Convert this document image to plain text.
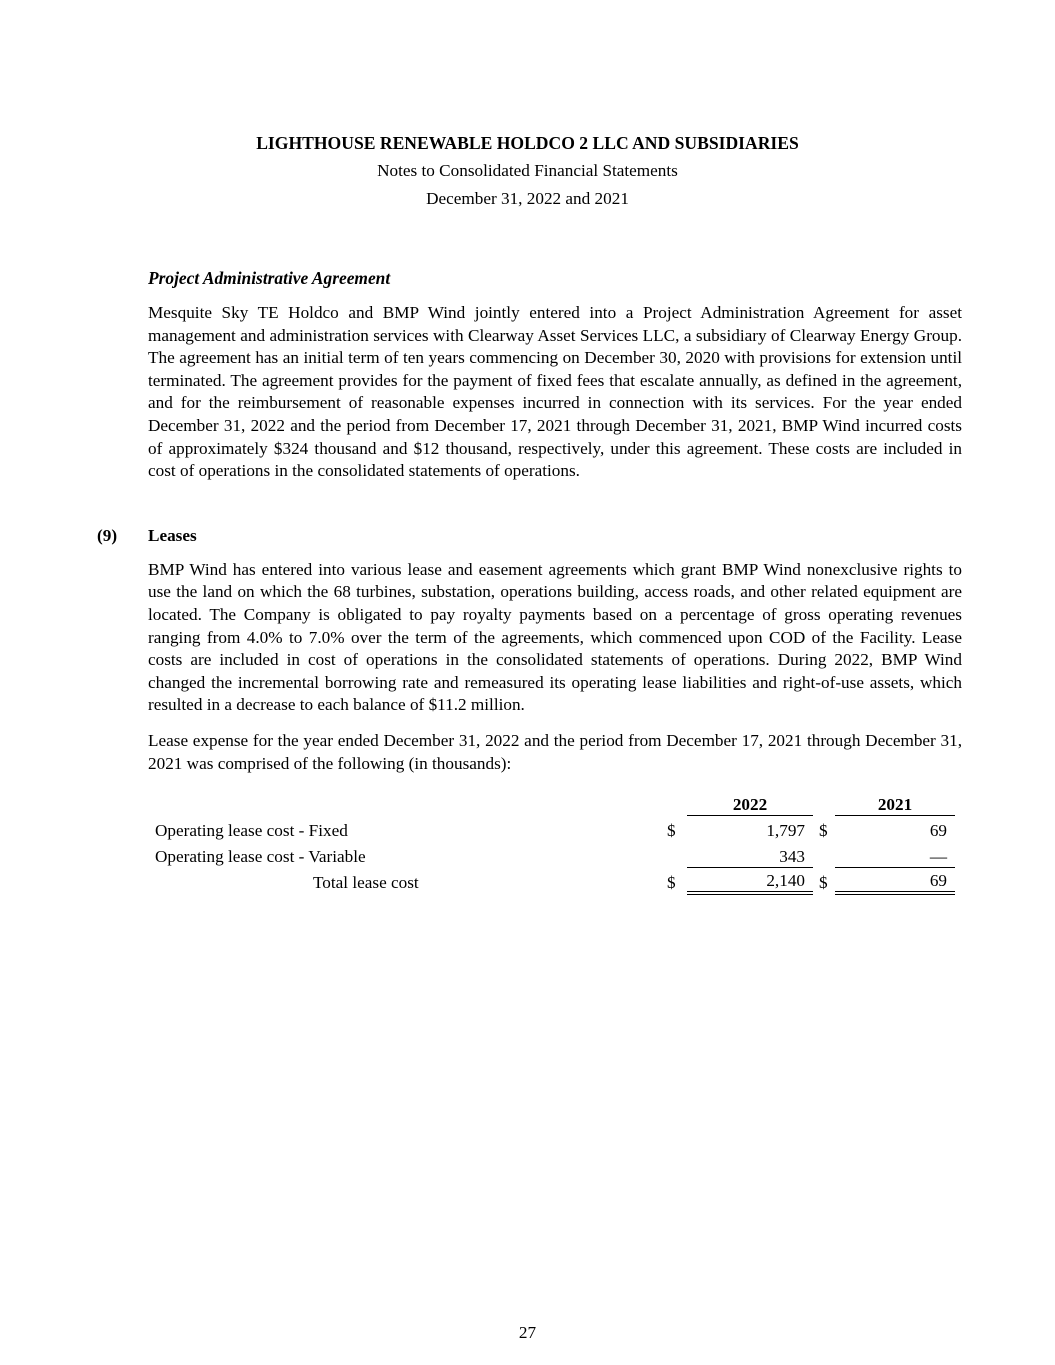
LIGHTHOUSE RENEWABLE HOLDCO 2 LLC AND SUBSIDIARIES
Notes to Consolidated Financial Statements
December 31, 2022 and 2021
Project Administrative Agreement

Mesquite Sky TE Holdco and BMP Wind jointly entered into a Project Administration Agreement for asset management and administration services with Clearway Asset Services LLC, a subsidiary of Clearway Energy Group. The agreement has an initial term of ten years commencing on December 30, 2020 with provisions for extension until terminated. The agreement provides for the payment of fixed fees that escalate annually, as defined in the agreement, and for the reimbursement of reasonable expenses incurred in connection with its services. For the year ended December 31, 2022 and the period from December 17, 2021 through December 31, 2021, BMP Wind incurred costs of approximately $324 thousand and $12 thousand, respectively, under this agreement. These costs are included in cost of operations in the consolidated statements of operations.

(9)	Leases

BMP Wind has entered into various lease and easement agreements which grant BMP Wind nonexclusive rights to use the land on which the 68 turbines, substation, operations building, access roads, and other related equipment are located. The Company is obligated to pay royalty payments based on a percentage of gross operating revenues ranging from 4.0% to 7.0% over the term of the agreements, which commenced upon COD of the Facility. Lease costs are included in cost of operations in the consolidated statements of operations. During 2022, BMP Wind changed the incremental borrowing rate and remeasured its operating lease liabilities and right-of-use assets, which resulted in a decrease to each balance of $11.2 million.

Lease expense for the year ended December 31, 2022 and the period from December 17, 2021 through December 31, 2021 was comprised of the following (in thousands):

		2022			2021
Operating lease cost - Fixed	$	1,797		$	69
Operating lease cost - Variable		343			—
Total lease cost	$	2,140		$	69
27
